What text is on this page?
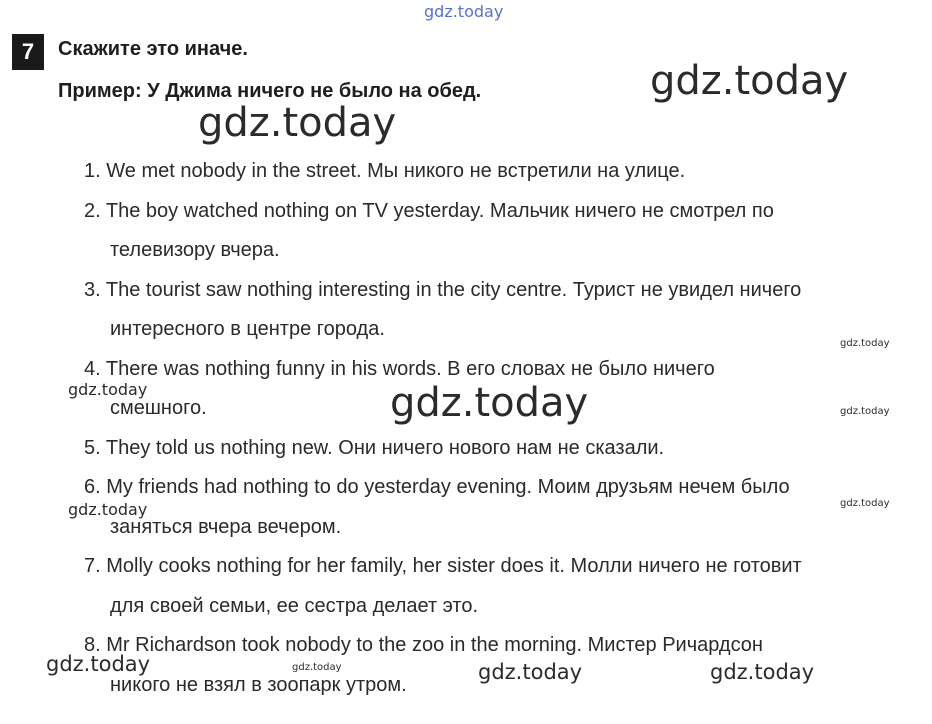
7	Скажите это иначе.
Пример: У Джима ничего не было на обед.
1. We met nobody in the street. Мы никого не встретили на улице.
2. The boy watched nothing on TV yesterday. Мальчик ничего не смотрел по
телевизору вчера.
3. The tourist saw nothing interesting in the city centre. Турист не увидел ничего
интересного в центре города.
4. There was nothing funny in his words. В его словах не было ничего
смешного.
5. They told us nothing new. Они ничего нового нам не сказали.
6. My friends had nothing to do yesterday evening. Моим друзьям нечем было
заняться вчера вечером.
7. Molly cooks nothing for her family, her sister does it. Молли ничего не готовит
для своей семьи, ее сестра делает это.
8. Mr Richardson took nobody to the zoo in the morning. Мистер Ричардсон
никого не взял в зоопарк утром.
gdz.today
gdz.today
gdz.today
gdz.today
gdz.today
gdz.today
gdz.today
gdz.today
gdz.today
gdz.today
gdz.today	gdz.today	gdz.today
